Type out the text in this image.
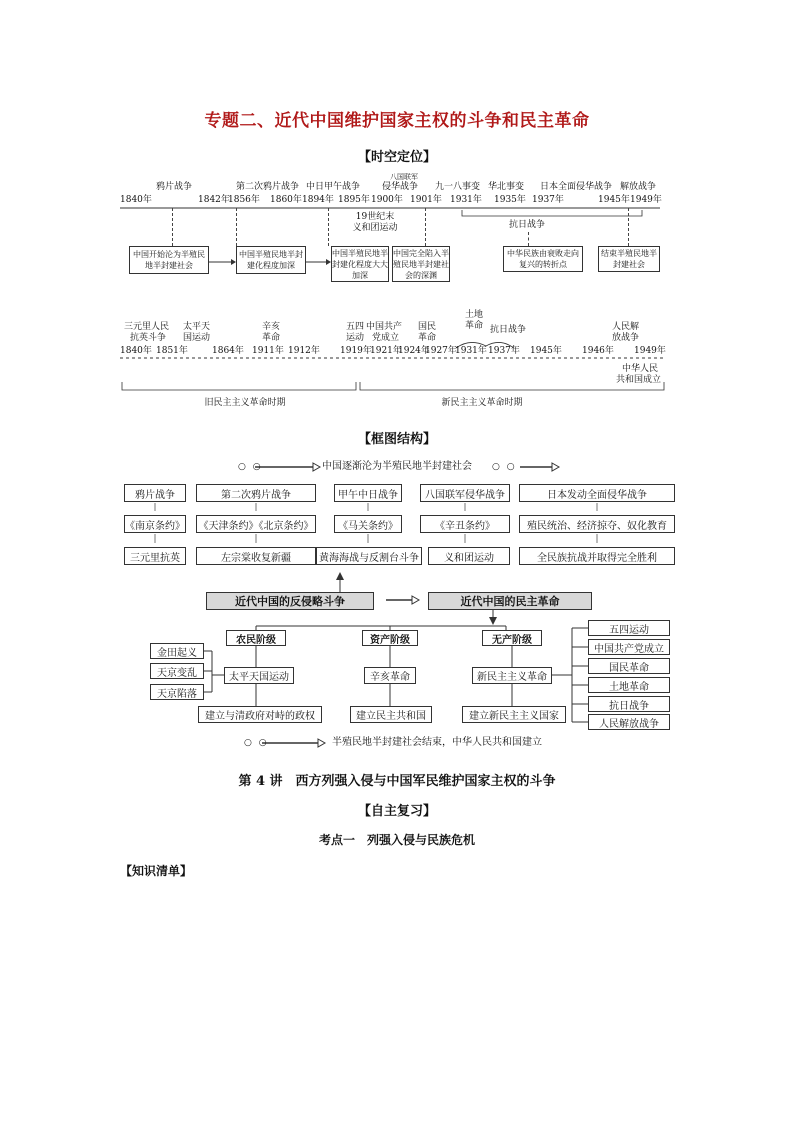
专题二、近代中国维护国家主权的斗争和民主革命
【时空定位】
鸦片战争	第二次鸦片战争 中日甲午战争
八国联军
侵华战争 九一八事变 华北事变 日本全面侵华战争 解放战争
1840年	1842年
1856年 1860年 1894年 1895年 1900年 1901年 1931年 1935年 1937年	1945年 1949年
19世纪末
义和团运动	抗日战争
中国开始沦为半殖民地半封建社会
中国半殖民地半封建化程度加深
中国半殖民地半封建化程度大大加深
中国完全陷入半殖民地半封建社会的深渊
中华民族由衰败走向复兴的转折点
结束半殖民地半封建社会
三元里人民
抗英斗争
太平天
国运动
辛亥
革命
五四
运动
中国共产
党成立
国民
革命
土地
革命 抗日战争	人民解
放战争
1840年 1851年	1864年 1911年 1912年 1919年
1921年
1924年
1927年
1931年 1937年 1945年 1946年 1949年
中华人民
共和国成立
旧民主主义革命时期	新民主主义革命时期
【框图结构】
○ ○	中国逐渐沦为半殖民地半封建社会 ○ ○
鸦片战争	第二次鸦片战争	甲午中日战争	八国联军侵华战争	日本发动全面侵华战争
《南京条约》 《天津条约》《北京条约》	《马关条约》	《辛丑条约》	殖民统治、经济掠夺、奴化教育
三元里抗英	左宗棠收复新疆	黄海海战与反割台斗争	义和团运动	全民族抗战并取得完全胜利
近代中国的反侵略斗争	近代中国的民主革命
农民阶级	资产阶级	无产阶级
金田起义
天京变乱
天京陷落
太平天国运动	辛亥革命	新民主主义革命
建立与清政府对峙的政权	建立民主共和国	建立新民主主义国家
五四运动
中国共产党成立
国民革命
土地革命
抗日战争
人民解放战争
○ ○	半殖民地半封建社会结束，中华人民共和国建立
第 4 讲　西方列强入侵与中国军民维护国家主权的斗争
【自主复习】
考点一　列强入侵与民族危机
【知识清单】
